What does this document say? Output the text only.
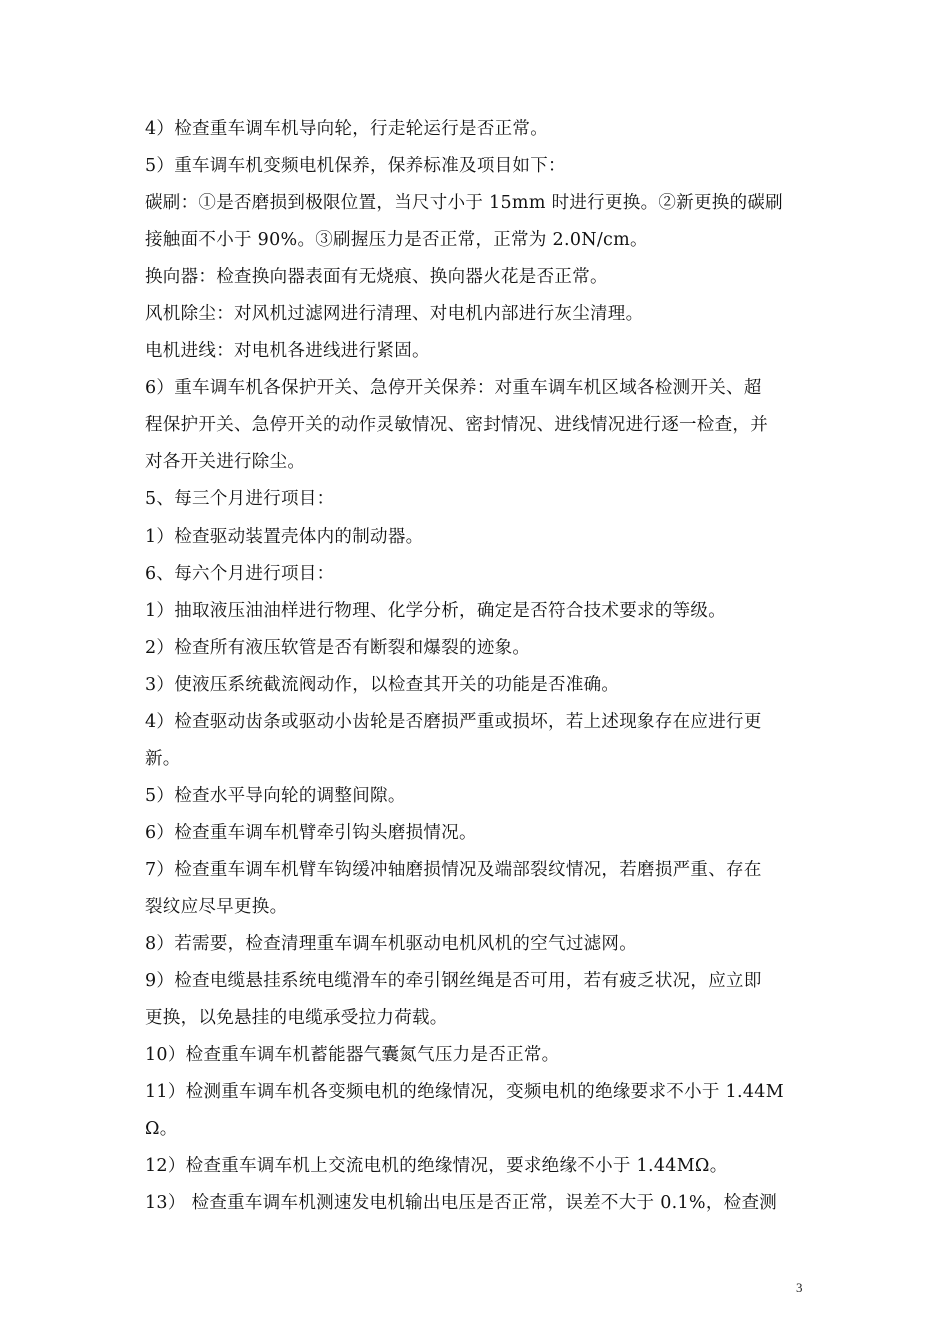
4）检查重车调车机导向轮，行走轮运行是否正常。
5）重车调车机变频电机保养，保养标准及项目如下：
碳刷：①是否磨损到极限位置，当尺寸小于 15mm 时进行更换。②新更换的碳刷
接触面不小于 90%。③刷握压力是否正常，正常为 2.0N/cm。
换向器：检查换向器表面有无烧痕、换向器火花是否正常。
风机除尘：对风机过滤网进行清理、对电机内部进行灰尘清理。
电机进线：对电机各进线进行紧固。
6）重车调车机各保护开关、急停开关保养：对重车调车机区域各检测开关、超
程保护开关、急停开关的动作灵敏情况、密封情况、进线情况进行逐一检查，并
对各开关进行除尘。
5、每三个月进行项目：
1）检查驱动装置壳体内的制动器。
6、每六个月进行项目：
1）抽取液压油油样进行物理、化学分析，确定是否符合技术要求的等级。
2）检查所有液压软管是否有断裂和爆裂的迹象。
3）使液压系统截流阀动作，以检查其开关的功能是否准确。
4）检查驱动齿条或驱动小齿轮是否磨损严重或损坏，若上述现象存在应进行更
新。
5）检查水平导向轮的调整间隙。
6）检查重车调车机臂牵引钩头磨损情况。
7）检查重车调车机臂车钩缓冲轴磨损情况及端部裂纹情况，若磨损严重、存在
裂纹应尽早更换。
8）若需要，检查清理重车调车机驱动电机风机的空气过滤网。
9）检查电缆悬挂系统电缆滑车的牵引钢丝绳是否可用，若有疲乏状况，应立即
更换，以免悬挂的电缆承受拉力荷载。
10）检查重车调车机蓄能器气囊氮气压力是否正常。
11）检测重车调车机各变频电机的绝缘情况，变频电机的绝缘要求不小于 1.44M
Ω。
12）检查重车调车机上交流电机的绝缘情况，要求绝缘不小于 1.44MΩ。
13） 检查重车调车机测速发电机输出电压是否正常，误差不大于 0.1%，检查测
3
